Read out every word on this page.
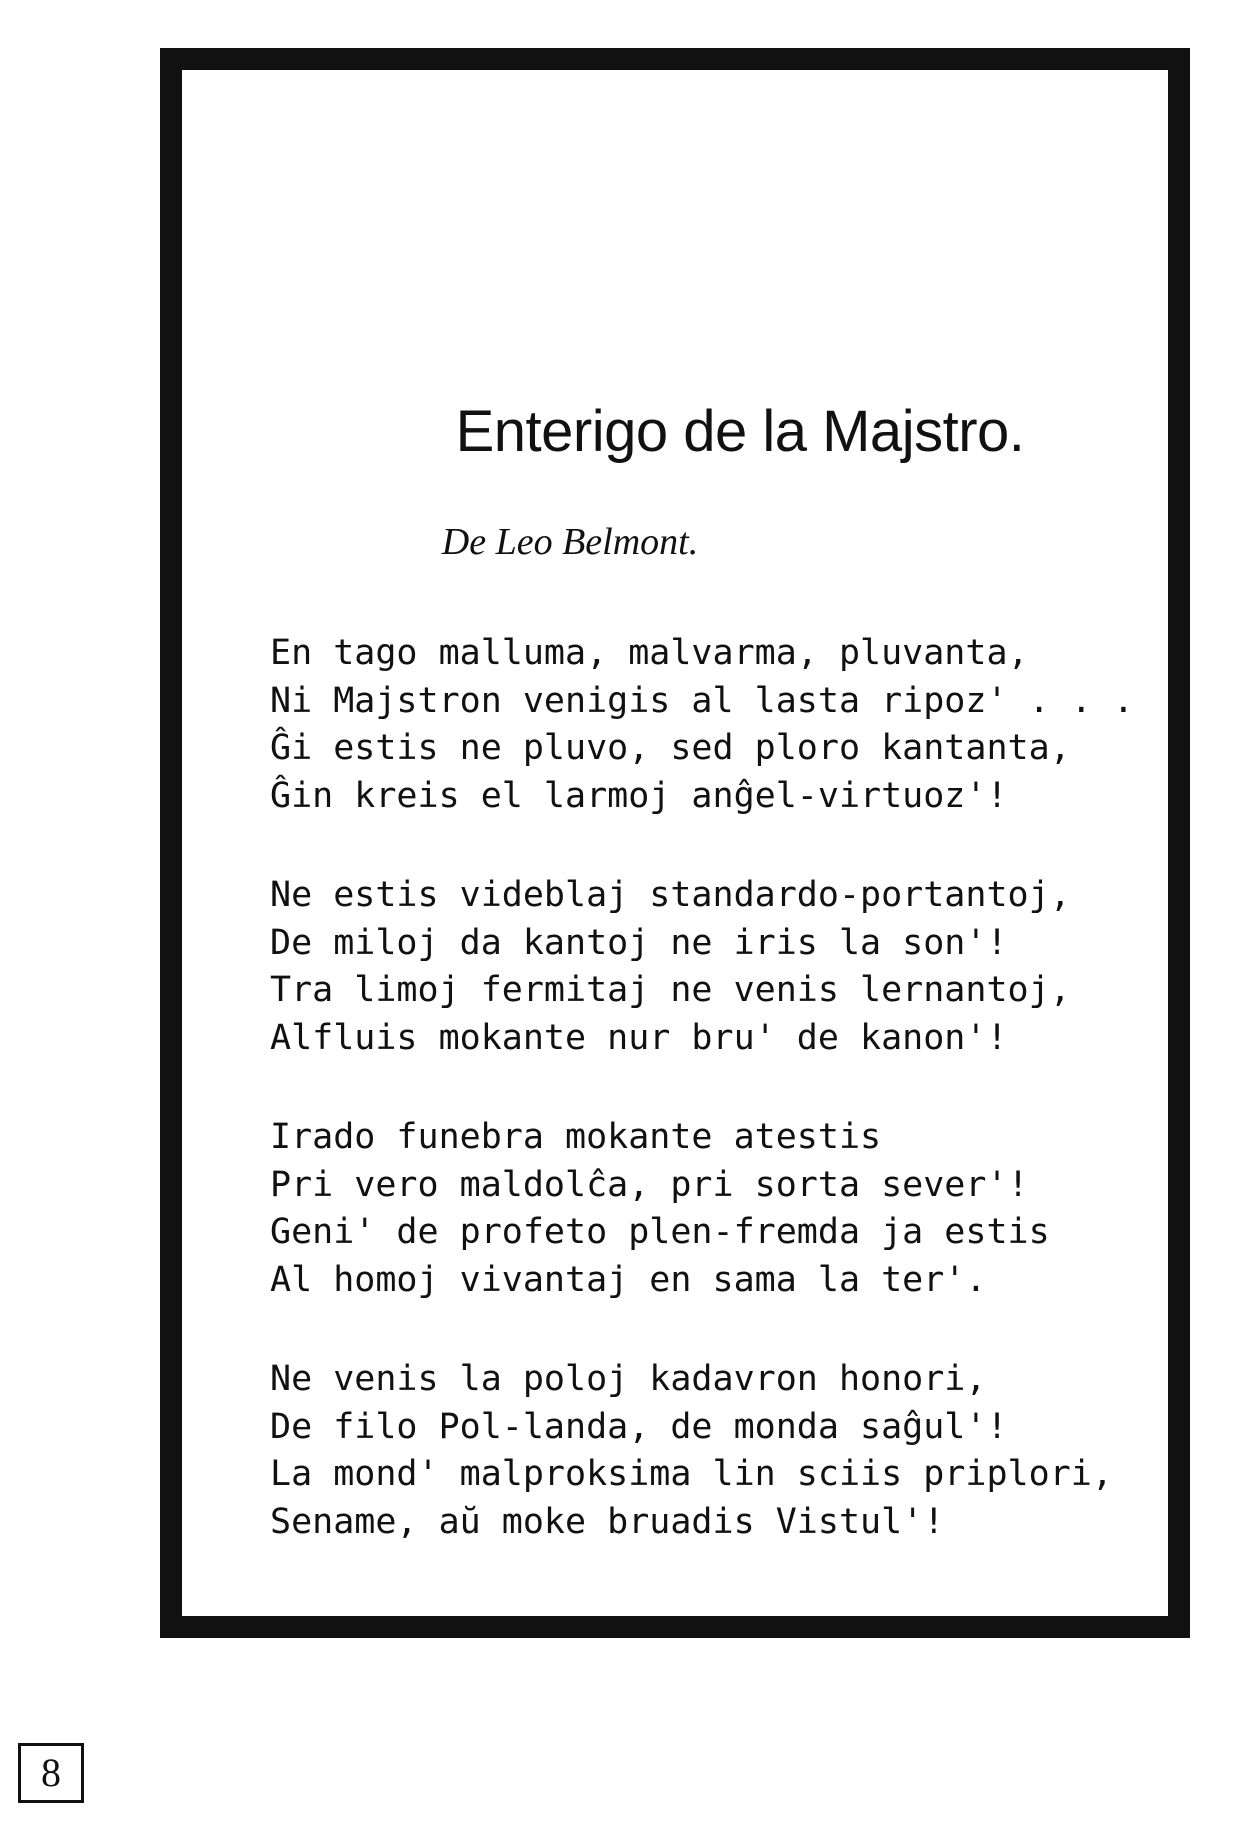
Enterigo de la Majstro.
De Leo Belmont.
En tago malluma, malvarma, pluvanta,
Ni Majstron venigis al lasta ripoz' . . .
Ĝi estis ne pluvo, sed ploro kantanta,
Ĝin kreis el larmoj anĝel-virtuoz'!
Ne estis videblaj standardo-portantoj,
De miloj da kantoj ne iris la son'!
Tra limoj fermitaj ne venis lernantoj,
Alfluis mokante nur bru' de kanon'!
Irado funebra mokante atestis
Pri vero maldolĉa, pri sorta sever'!
Geni' de profeto plen-fremda ja estis
Al homoj vivantaj en sama la ter'.
Ne venis la poloj kadavron honori,
De filo Pol-landa, de monda saĝul'!
La mond' malproksima lin sciis priplori,
Sename, aŭ moke bruadis Vistul'!
8
